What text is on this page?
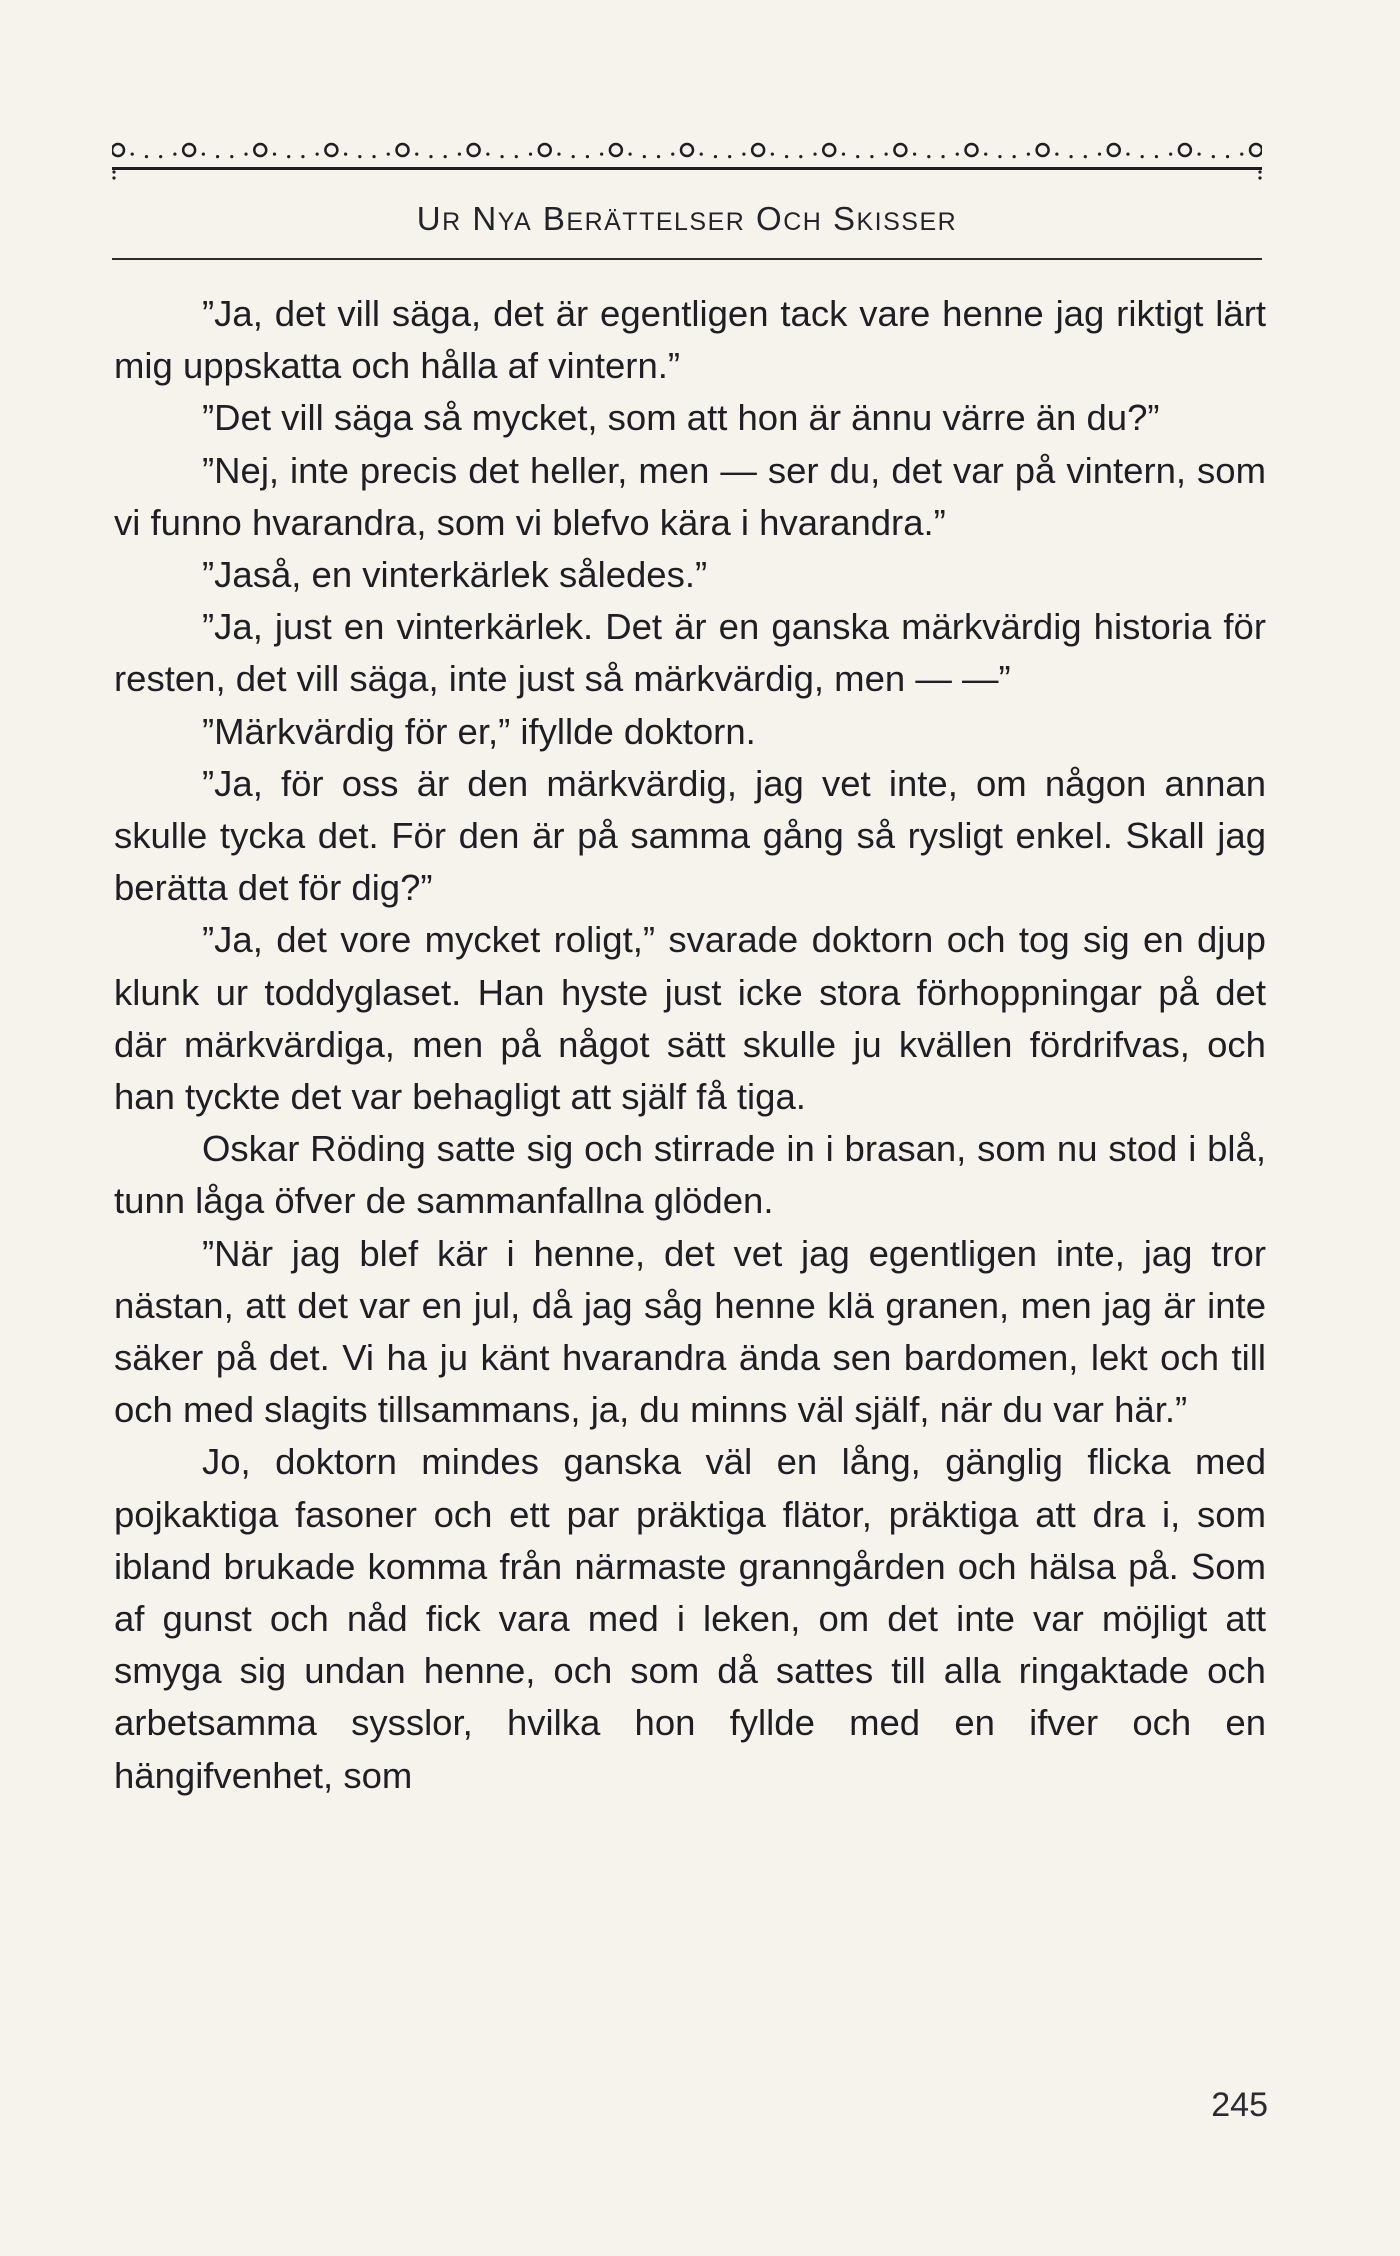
UR NYA BERÄTTELSER OCH SKISSER

”Ja, det vill säga, det är egentligen tack vare henne jag riktigt lärt mig uppskatta och hålla af vintern.”

”Det vill säga så mycket, som att hon är ännu värre än du?”

”Nej, inte precis det heller, men — ser du, det var på vintern, som vi funno hvarandra, som vi blefvo kära i hvarandra.”

”Jaså, en vinterkärlek således.”

”Ja, just en vinterkärlek. Det är en ganska märkvärdig historia för resten, det vill säga, inte just så märkvärdig, men — —”

”Märkvärdig för er,” ifyllde doktorn.

”Ja, för oss är den märkvärdig, jag vet inte, om någon annan skulle tycka det. För den är på samma gång så rysligt enkel. Skall jag berätta det för dig?”

”Ja, det vore mycket roligt,” svarade doktorn och tog sig en djup klunk ur toddyglaset. Han hyste just icke stora förhoppningar på det där märkvärdiga, men på något sätt skulle ju kvällen fördrifvas, och han tyckte det var behagligt att själf få tiga.

Oskar Röding satte sig och stirrade in i brasan, som nu stod i blå, tunn låga öfver de sammanfallna glöden.

”När jag blef kär i henne, det vet jag egentligen inte, jag tror nästan, att det var en jul, då jag såg henne klä granen, men jag är inte säker på det. Vi ha ju känt hvarandra ända sen bardomen, lekt och till och med slagits tillsammans, ja, du minns väl själf, när du var här.”

Jo, doktorn mindes ganska väl en lång, gänglig flicka med pojkaktiga fasoner och ett par präktiga flätor, präktiga att dra i, som ibland brukade komma från närmaste granngården och hälsa på. Som af gunst och nåd fick vara med i leken, om det inte var möjligt att smyga sig undan henne, och som då sattes till alla ringaktade och arbetsamma sysslor, hvilka hon fyllde med en ifver och en hängifvenhet, som

245
